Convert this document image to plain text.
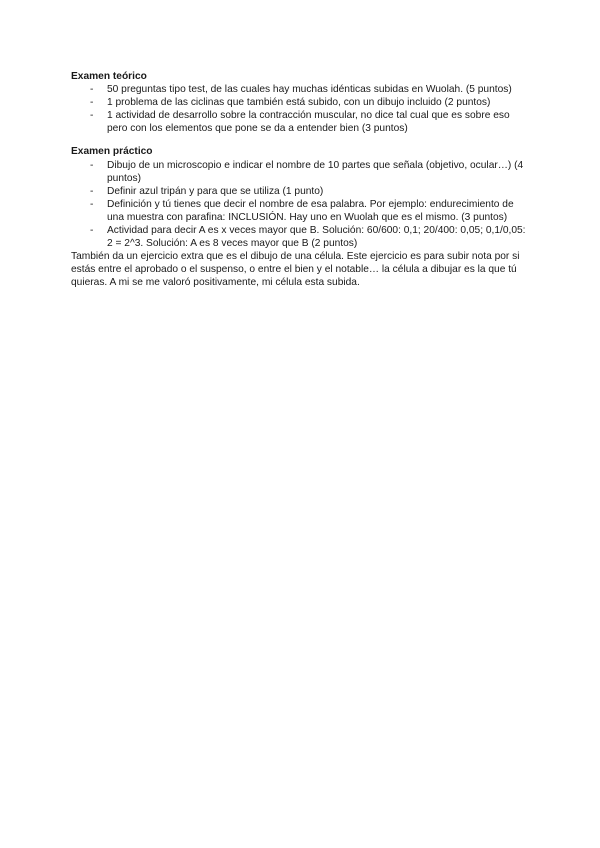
Examen teórico

- 50 preguntas tipo test, de las cuales hay muchas idénticas subidas en Wuolah. (5 puntos)
- 1 problema de las ciclinas que también está subido, con un dibujo incluido (2 puntos)
- 1 actividad de desarrollo sobre la contracción muscular, no dice tal cual que es sobre eso pero con los elementos que pone se da a entender bien (3 puntos)

Examen práctico

- Dibujo de un microscopio e indicar el nombre de 10 partes que señala (objetivo, ocular…) (4 puntos)
- Definir azul tripán y para que se utiliza (1 punto)
- Definición y tú tienes que decir el nombre de esa palabra. Por ejemplo: endurecimiento de una muestra con parafina: INCLUSIÓN. Hay uno en Wuolah que es el mismo. (3 puntos)
- Actividad para decir A es x veces mayor que B. Solución: 60/600: 0,1; 20/400: 0,05; 0,1/0,05: 2 = 2^3. Solución: A es 8 veces mayor que B (2 puntos)

También da un ejercicio extra que es el dibujo de una célula. Este ejercicio es para subir nota por si estás entre el aprobado o el suspenso, o entre el bien y el notable… la célula a dibujar es la que tú quieras. A mi se me valoró positivamente, mi célula esta subida.
